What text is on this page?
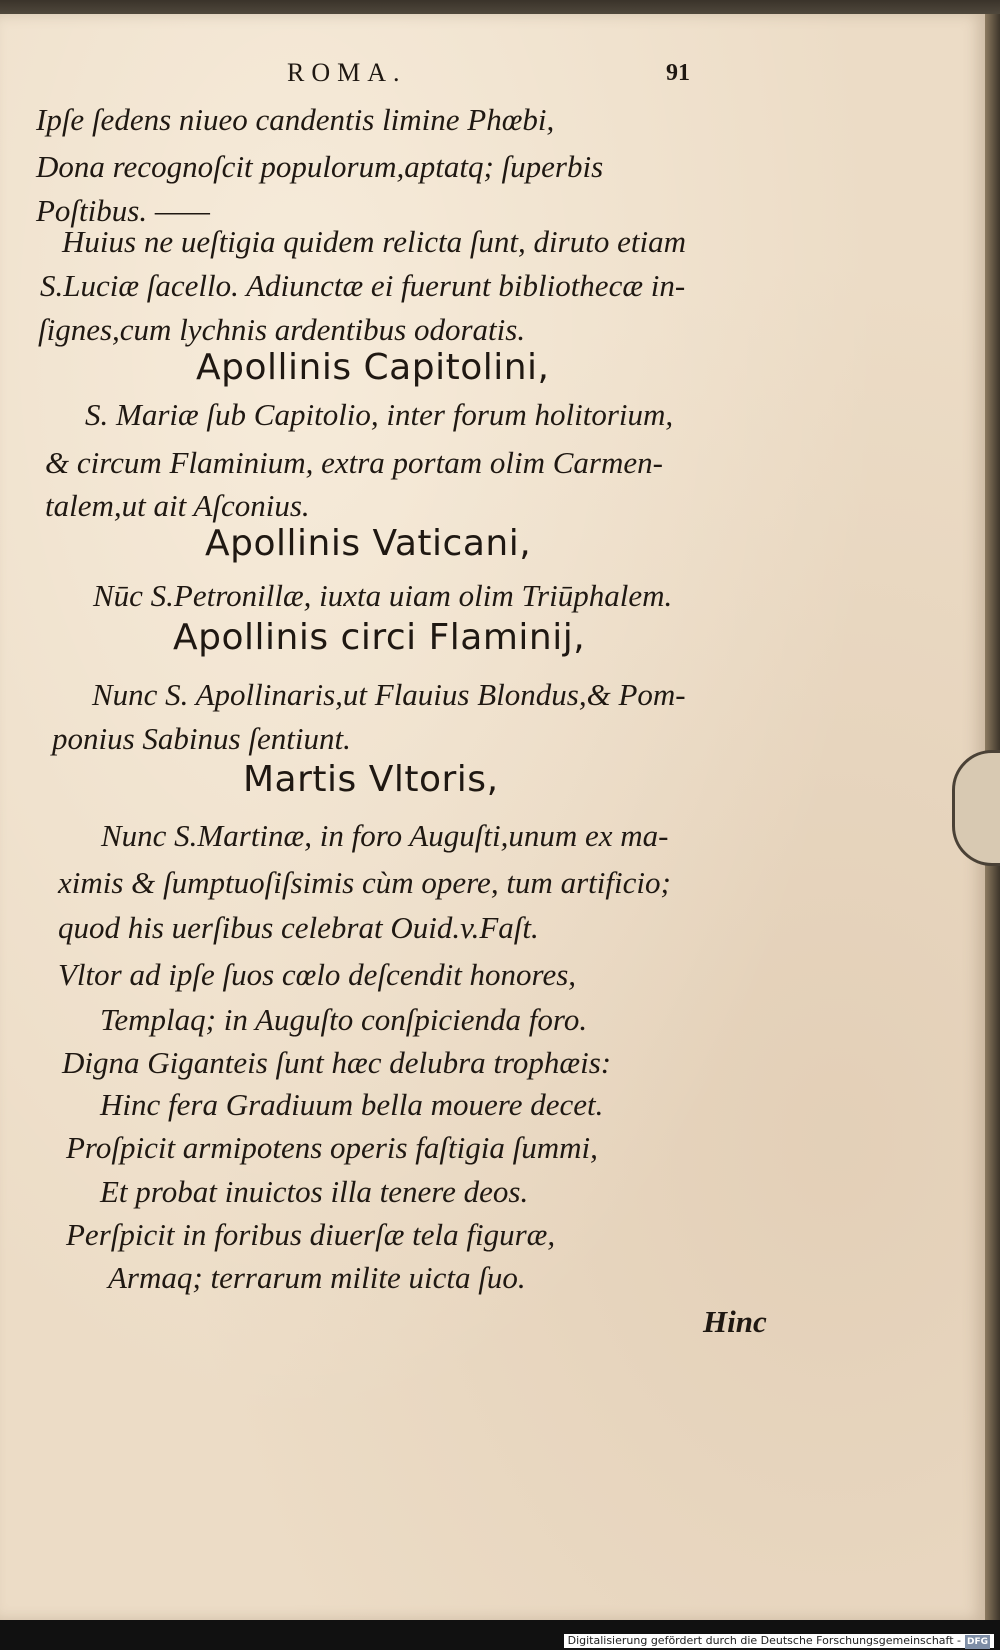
ROMA.	91
Ipſe ſedens niueo candentis limine Phœbi,
Dona recognoſcit populorum,aptatq; ſuperbis
Poſtibus. ——
Huius ne ueſtigia quidem relicta ſunt, diruto etiam
S.Luciæ ſacello. Adiunctæ ei fuerunt bibliothecæ in-
ſignes,cum lychnis ardentibus odoratis.
Apollinis Capitolini,
S. Mariæ ſub Capitolio, inter forum holitorium,
& circum Flaminium, extra portam olim Carmen-
talem,ut ait Aſconius.
Apollinis Vaticani,
Nūc S.Petronillæ, iuxta uiam olim Triūphalem.
Apollinis circi Flaminij,
Nunc S. Apollinaris,ut Flauius Blondus,& Pom-
ponius Sabinus ſentiunt.
Martis Vltoris,
Nunc S.Martinæ, in foro Auguſti,unum ex ma-
ximis & ſumptuoſiſsimis cùm opere, tum artificio;
quod his uerſibus celebrat Ouid.v.Faſt.
Vltor ad ipſe ſuos cœlo deſcendit honores,
Templaq; in Auguſto conſpicienda foro.
Digna Giganteis ſunt hæc delubra trophæis:
Hinc fera Gradiuum bella mouere decet.
Proſpicit armipotens operis faſtigia ſummi,
Et probat inuictos illa tenere deos.
Perſpicit in foribus diuerſæ tela figuræ,
Armaq; terrarum milite uicta ſuo.
Hinc
Digitalisierung gefördert durch die Deutsche Forschungsgemeinschaft - DFG
